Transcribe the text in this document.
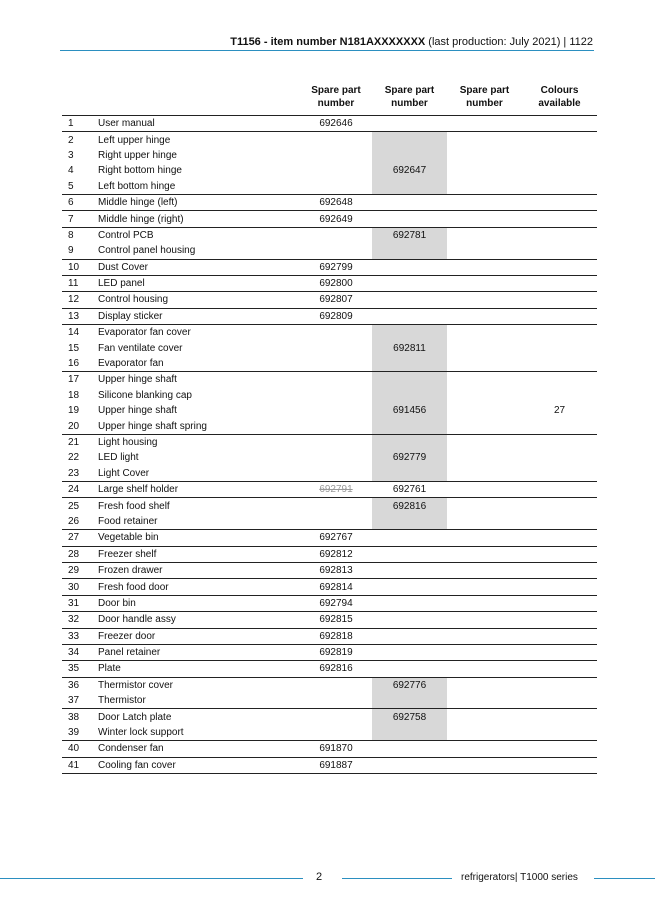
T1156 - item number N181AXXXXXXX (last production: July 2021) | 1122
		Spare part number	Spare part number	Spare part number	Colours available
1	User manual	692646			
2	Left upper hinge				
3	Right upper hinge				
4	Right bottom hinge		692647		
5	Left bottom hinge				
6	Middle hinge (left)	692648			
7	Middle hinge (right)	692649			
8	Control PCB		692781		
9	Control panel housing				
10	Dust Cover	692799			
11	LED panel	692800			
12	Control housing	692807			
13	Display sticker	692809			
14	Evaporator fan cover				
15	Fan ventilate cover		692811		
16	Evaporator fan				
17	Upper hinge shaft				
18	Silicone blanking cap				
19	Upper hinge shaft		691456		27
20	Upper hinge shaft spring				
21	Light housing				
22	LED light		692779		
23	Light Cover				
24	Large shelf holder	692791	692761		
25	Fresh food shelf		692816		
26	Food retainer				
27	Vegetable bin	692767			
28	Freezer shelf	692812			
29	Frozen drawer	692813			
30	Fresh food door	692814			
31	Door bin	692794			
32	Door handle assy	692815			
33	Freezer door	692818			
34	Panel retainer	692819			
35	Plate	692816			
36	Thermistor cover		692776		
37	Thermistor				
38	Door Latch plate		692758		
39	Winter lock support				
40	Condenser fan	691870			
41	Cooling fan cover	691887			
2	refrigerators| T1000 series
